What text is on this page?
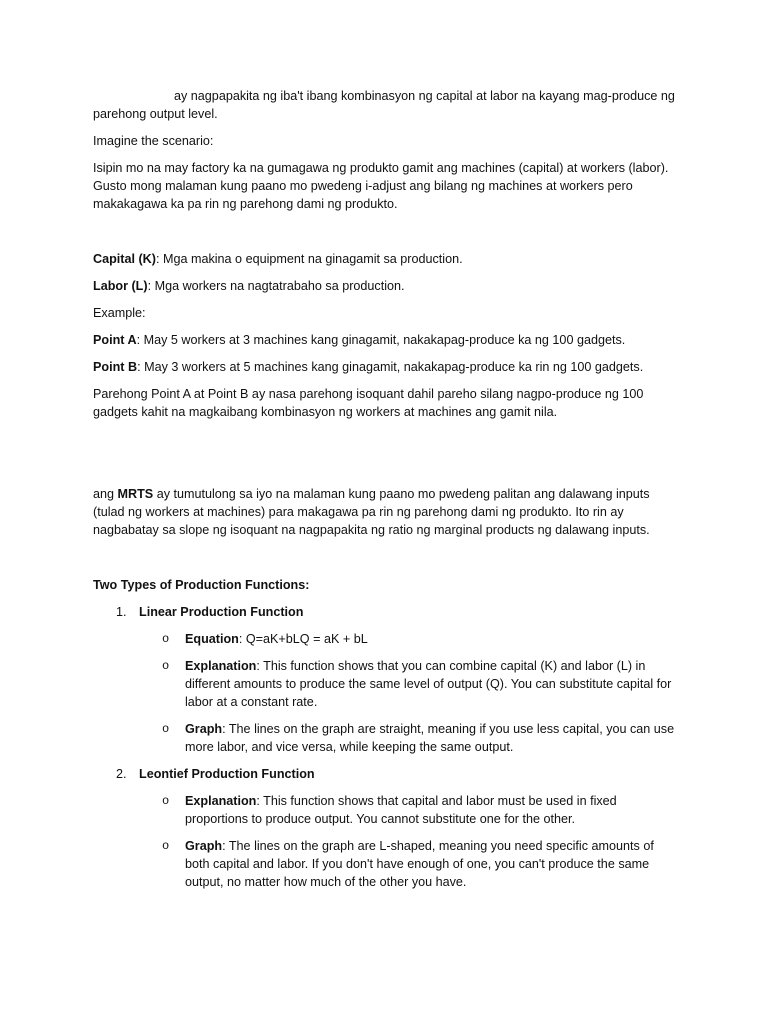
ay nagpapakita ng iba't ibang kombinasyon ng capital at labor na kayang mag-produce ng parehong output level.

Imagine the scenario:

Isipin mo na may factory ka na gumagawa ng produkto gamit ang machines (capital) at workers (labor). Gusto mong malaman kung paano mo pwedeng i-adjust ang bilang ng machines at workers pero makakagawa ka pa rin ng parehong dami ng produkto.

Capital (K): Mga makina o equipment na ginagamit sa production.

Labor (L): Mga workers na nagtatrabaho sa production.

Example:

Point A: May 5 workers at 3 machines kang ginagamit, nakakapag-produce ka ng 100 gadgets.

Point B: May 3 workers at 5 machines kang ginagamit, nakakapag-produce ka rin ng 100 gadgets.

Parehong Point A at Point B ay nasa parehong isoquant dahil pareho silang nagpo-produce ng 100 gadgets kahit na magkaibang kombinasyon ng workers at machines ang gamit nila.

ang MRTS ay tumutulong sa iyo na malaman kung paano mo pwedeng palitan ang dalawang inputs (tulad ng workers at machines) para makagawa pa rin ng parehong dami ng produkto. Ito rin ay nagbabatay sa slope ng isoquant na nagpapakita ng ratio ng marginal products ng dalawang inputs.

Two Types of Production Functions:

1. Linear Production Function
o Equation: Q=aK+bLQ = aK + bL
o Explanation: This function shows that you can combine capital (K) and labor (L) in different amounts to produce the same level of output (Q). You can substitute capital for labor at a constant rate.
o Graph: The lines on the graph are straight, meaning if you use less capital, you can use more labor, and vice versa, while keeping the same output.
2. Leontief Production Function
o Explanation: This function shows that capital and labor must be used in fixed proportions to produce output. You cannot substitute one for the other.
o Graph: The lines on the graph are L-shaped, meaning you need specific amounts of both capital and labor. If you don't have enough of one, you can't produce the same output, no matter how much of the other you have.
